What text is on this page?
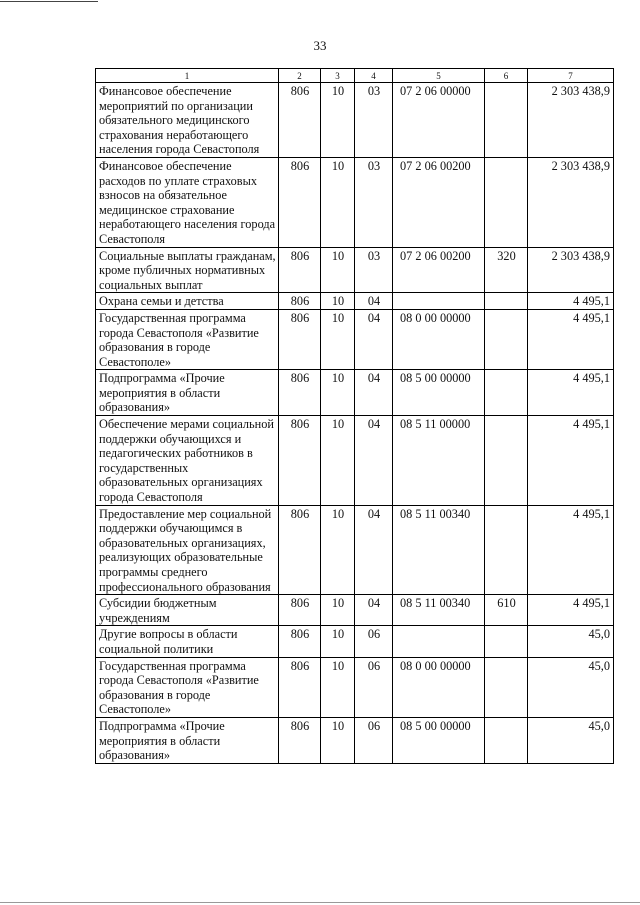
33
1	2	3	4	5	6	7
Финансовое обеспечение мероприятий по организации обязательного медицинского страхования неработающего населения города Севастополя	806	10	03	07 2 06 00000		2 303 438,9
Финансовое обеспечение расходов по уплате страховых взносов на обязательное медицинское страхование неработающего населения города Севастополя	806	10	03	07 2 06 00200		2 303 438,9
Социальные выплаты гражданам, кроме публичных нормативных социальных выплат	806	10	03	07 2 06 00200	320	2 303 438,9
Охрана семьи и детства	806	10	04			4 495,1
Государственная программа города Севастополя «Развитие образования в городе Севастополе»	806	10	04	08 0 00 00000		4 495,1
Подпрограмма «Прочие мероприятия в области образования»	806	10	04	08 5 00 00000		4 495,1
Обеспечение мерами социальной поддержки обучающихся и педагогических работников в государственных образовательных организациях города Севастополя	806	10	04	08 5 11 00000		4 495,1
Предоставление мер социальной поддержки обучающимся в образовательных организациях, реализующих образовательные программы среднего профессионального образования	806	10	04	08 5 11 00340		4 495,1
Субсидии бюджетным учреждениям	806	10	04	08 5 11 00340	610	4 495,1
Другие вопросы в области социальной политики	806	10	06			45,0
Государственная программа города Севастополя «Развитие образования в городе Севастополе»	806	10	06	08 0 00 00000		45,0
Подпрограмма «Прочие мероприятия в области образования»	806	10	06	08 5 00 00000		45,0
